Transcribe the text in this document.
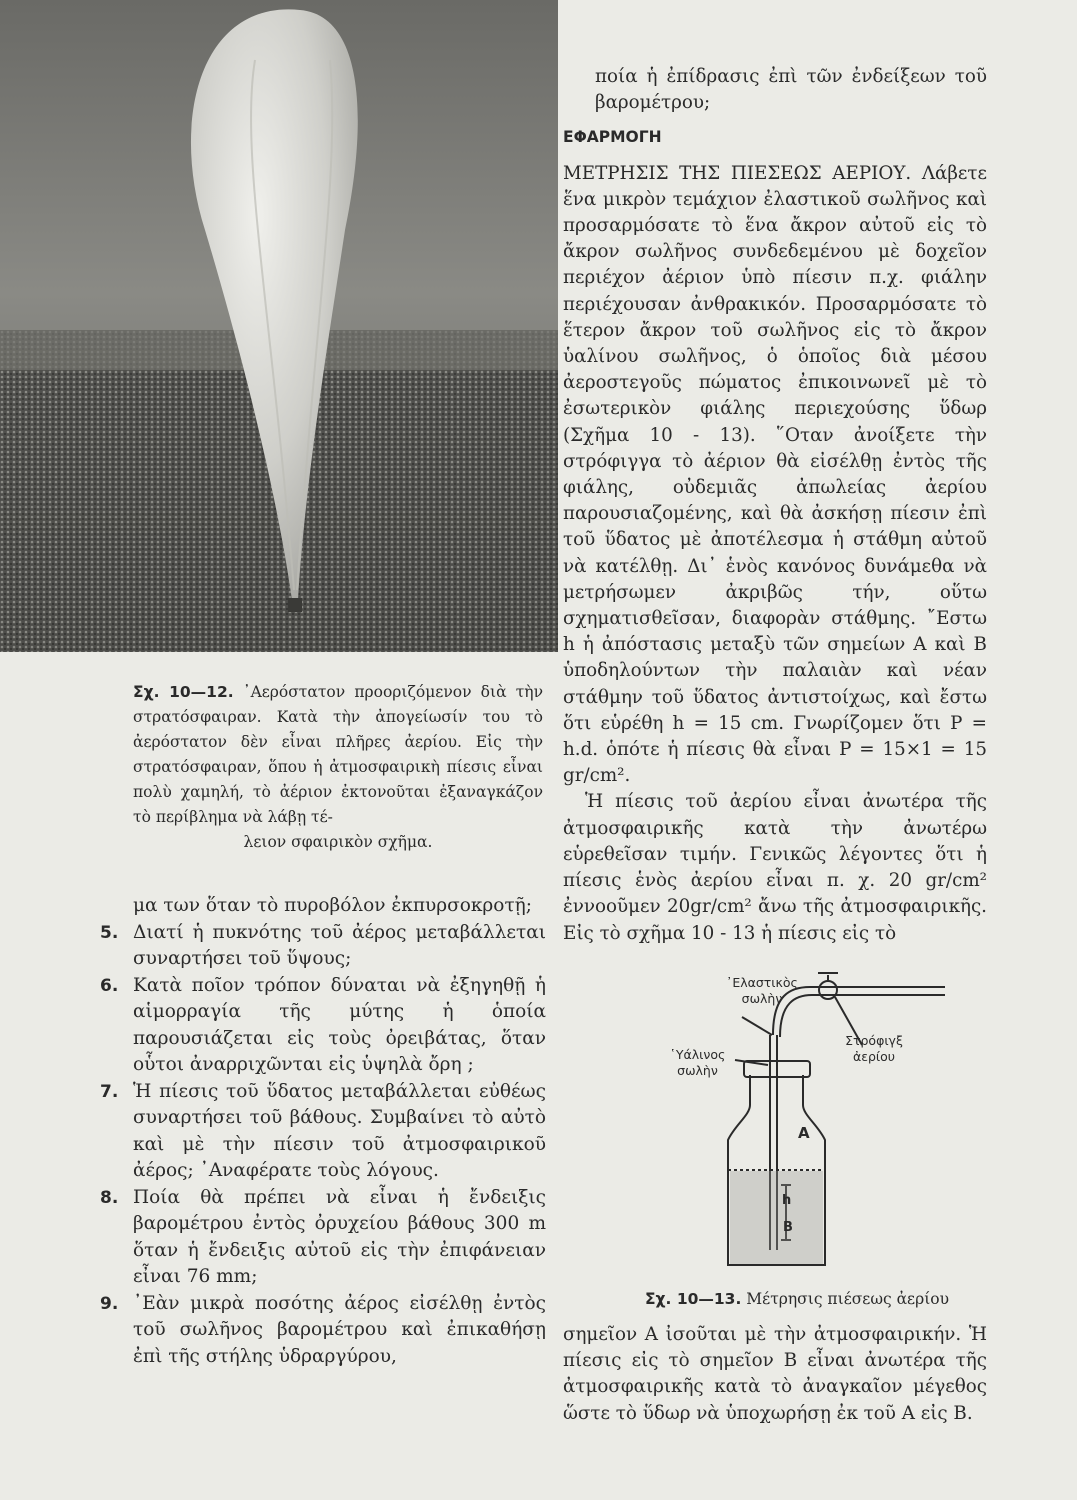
Σχ. 10—12. ᾿Αερόστατον προοριζόμενον διὰ τὴν στρατόσφαιραν. Κατὰ τὴν ἀπογείωσίν του τὸ ἀερόστατον δὲν εἶναι πλῆρες ἀερίου. Εἰς τὴν στρατόσφαιραν, ὅπου ἡ ἀτμοσφαιρικὴ πίεσις εἶναι πολὺ χαμηλή, τὸ ἀέριον ἐκτονοῦται ἐξαναγκάζον τὸ περίβλημα νὰ λάβῃ τέ-
λειον σφαιρικὸν σχῆμα.

μα των ὅταν τὸ πυροβόλον ἐκπυρσοκροτῇ;

5. Διατί ἡ πυκνότης τοῦ ἀέρος μεταβάλλεται συναρτήσει τοῦ ὕψους;
6. Κατὰ ποῖον τρόπον δύναται νὰ ἐξηγηθῇ ἡ αἱμορραγία τῆς μύτης ἡ ὁποία παρουσιάζεται εἰς τοὺς ὀρειβάτας, ὅταν οὗτοι ἀναρριχῶνται εἰς ὑψηλὰ ὄρη ;
7. Ἡ πίεσις τοῦ ὕδατος μεταβάλλεται εὐθέως συναρτήσει τοῦ βάθους. Συμβαίνει τὸ αὐτὸ καὶ μὲ τὴν πίεσιν τοῦ ἀτμοσφαιρικοῦ ἀέρος; ᾿Αναφέρατε τοὺς λόγους.
8. Ποία θὰ πρέπει νὰ εἶναι ἡ ἔνδειξις βαρομέτρου ἐντὸς ὀρυχείου βάθους 300 m ὅταν ἡ ἔνδειξις αὐτοῦ εἰς τὴν ἐπιφάνειαν εἶναι 76 mm;
9. ᾿Εὰν μικρὰ ποσότης ἀέρος εἰσέλθῃ ἐντὸς τοῦ σωλῆνος βαρομέτρου καὶ ἐπικαθήσῃ ἐπὶ τῆς στήλης ὑδραργύρου,

ποία ἡ ἐπίδρασις ἐπὶ τῶν ἐνδείξεων τοῦ βαρομέτρου;

ΕΦΑΡΜΟΓΗ

ΜΕΤΡΗΣΙΣ ΤΗΣ ΠΙΕΣΕΩΣ ΑΕΡΙΟΥ. Λάβετε ἕνα μικρὸν τεμάχιον ἐλαστικοῦ σωλῆνος καὶ προσαρμόσατε τὸ ἕνα ἄκρον αὐτοῦ εἰς τὸ ἄκρον σωλῆνος συνδεδεμένου μὲ δοχεῖον περιέχον ἀέριον ὑπὸ πίεσιν π.χ. φιάλην περιέχουσαν ἀνθρακικόν. Προσαρμόσατε τὸ ἕτερον ἄκρον τοῦ σωλῆνος εἰς τὸ ἄκρον ὑαλίνου σωλῆνος, ὁ ὁποῖος διὰ μέσου ἀεροστεγοῦς πώματος ἐπικοινωνεῖ μὲ τὸ ἐσωτερικὸν φιάλης περιεχούσης ὕδωρ (Σχῆμα 10 - 13). ῞Οταν ἀνοίξετε τὴν στρόφιγγα τὸ ἀέριον θὰ εἰσέλθῃ ἐντὸς τῆς φιάλης, οὐδεμιᾶς ἀπωλείας ἀερίου παρουσιαζομένης, καὶ θὰ ἀσκήσῃ πίεσιν ἐπὶ τοῦ ὕδατος μὲ ἀποτέλεσμα ἡ στάθμη αὐτοῦ νὰ κατέλθῃ. Δι᾿ ἑνὸς κανόνος δυνάμεθα νὰ μετρήσωμεν ἀκριβῶς τήν, οὕτω σχηματισθεῖσαν, διαφορὰν στάθμης. ῎Εστω h ἡ ἀπόστασις μεταξὺ τῶν σημείων Α καὶ Β ὑποδηλούντων τὴν παλαιὰν καὶ νέαν στάθμην τοῦ ὕδατος ἀντιστοίχως, καὶ ἔστω ὅτι εὑρέθη h = 15 cm. Γνωρίζομεν ὅτι P = h.d. ὁπότε ἡ πίεσις θὰ εἶναι P = 15×1 = 15 gr/cm².

Ἡ πίεσις τοῦ ἀερίου εἶναι ἀνωτέρα τῆς ἀτμοσφαιρικῆς κατὰ τὴν ἀνωτέρω εὑρεθεῖσαν τιμήν. Γενικῶς λέγοντες ὅτι ἡ πίεσις ἑνὸς ἀερίου εἶναι π. χ. 20 gr/cm² ἐννοοῦμεν 20gr/cm² ἄνω τῆς ἀτμοσφαιρικῆς. Εἰς τὸ σχῆμα 10 - 13 ἡ πίεσις εἰς τὸ

᾿Ελαστικὸς
σωλὴν
῾Υάλινος
σωλὴν
Στρόφιγξ
ἀερίου
A
h
B
Σχ. 10—13. Μέτρησις πιέσεως ἀερίου

σημεῖον Α ἰσοῦται μὲ τὴν ἀτμοσφαιρικήν. Ἡ πίεσις εἰς τὸ σημεῖον Β εἶναι ἀνωτέρα τῆς ἀτμοσφαιρικῆς κατὰ τὸ ἀναγκαῖον μέγεθος ὥστε τὸ ὕδωρ νὰ ὑποχωρήσῃ ἐκ τοῦ Α εἰς Β.
